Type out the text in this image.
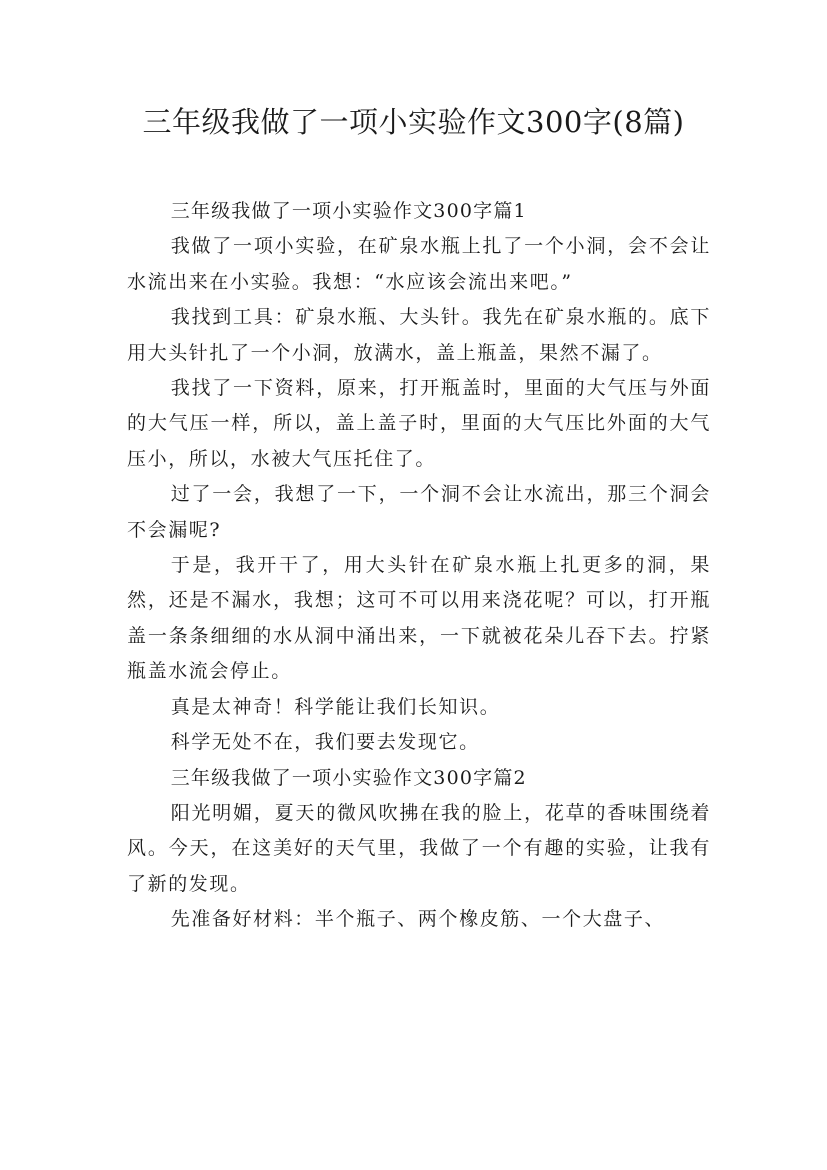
三年级我做了一项小实验作文300字(8篇)

三年级我做了一项小实验作文300字篇1

我做了一项小实验，在矿泉水瓶上扎了一个小洞，会不会让水流出来在小实验。我想：“水应该会流出来吧。”

我找到工具：矿泉水瓶、大头针。我先在矿泉水瓶的。底下用大头针扎了一个小洞，放满水，盖上瓶盖，果然不漏了。

我找了一下资料，原来，打开瓶盖时，里面的大气压与外面的大气压一样，所以，盖上盖子时，里面的大气压比外面的大气压小，所以，水被大气压托住了。

过了一会，我想了一下，一个洞不会让水流出，那三个洞会不会漏呢?

于是，我开干了，用大头针在矿泉水瓶上扎更多的洞，果然，还是不漏水，我想；这可不可以用来浇花呢？可以，打开瓶盖一条条细细的水从洞中涌出来，一下就被花朵儿吞下去。拧紧瓶盖水流会停止。

真是太神奇！科学能让我们长知识。

科学无处不在，我们要去发现它。

三年级我做了一项小实验作文300字篇2

阳光明媚，夏天的微风吹拂在我的脸上，花草的香味围绕着风。今天，在这美好的天气里，我做了一个有趣的实验，让我有了新的发现。

先准备好材料：半个瓶子、两个橡皮筋、一个大盘子、
